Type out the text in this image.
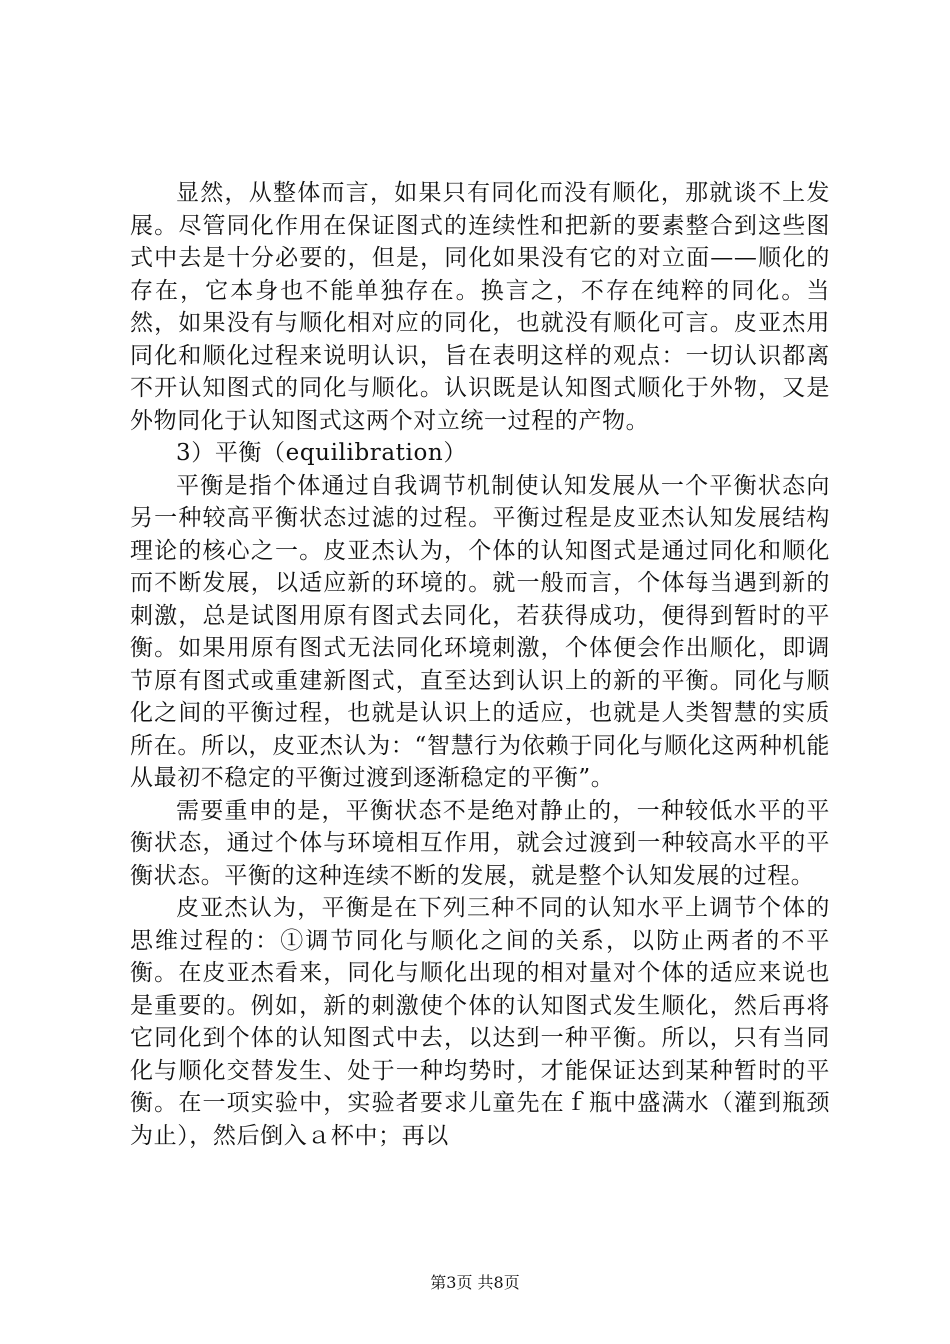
显然，从整体而言，如果只有同化而没有顺化，那就谈不上发展。尽管同化作用在保证图式的连续性和把新的要素整合到这些图式中去是十分必要的，但是，同化如果没有它的对立面——顺化的存在，它本身也不能单独存在。换言之，不存在纯粹的同化。当然，如果没有与顺化相对应的同化，也就没有顺化可言。皮亚杰用同化和顺化过程来说明认识，旨在表明这样的观点：一切认识都离不开认知图式的同化与顺化。认识既是认知图式顺化于外物，又是外物同化于认知图式这两个对立统一过程的产物。

3）平衡（equilibration）

平衡是指个体通过自我调节机制使认知发展从一个平衡状态向另一种较高平衡状态过滤的过程。平衡过程是皮亚杰认知发展结构理论的核心之一。皮亚杰认为，个体的认知图式是通过同化和顺化而不断发展，以适应新的环境的。就一般而言，个体每当遇到新的刺激，总是试图用原有图式去同化，若获得成功，便得到暂时的平衡。如果用原有图式无法同化环境刺激，个体便会作出顺化，即调节原有图式或重建新图式，直至达到认识上的新的平衡。同化与顺化之间的平衡过程，也就是认识上的适应，也就是人类智慧的实质所在。所以，皮亚杰认为：“智慧行为依赖于同化与顺化这两种机能从最初不稳定的平衡过渡到逐渐稳定的平衡”。

需要重申的是，平衡状态不是绝对静止的，一种较低水平的平衡状态，通过个体与环境相互作用，就会过渡到一种较高水平的平衡状态。平衡的这种连续不断的发展，就是整个认知发展的过程。

皮亚杰认为，平衡是在下列三种不同的认知水平上调节个体的思维过程的：①调节同化与顺化之间的关系，以防止两者的不平衡。在皮亚杰看来，同化与顺化出现的相对量对个体的适应来说也是重要的。例如，新的刺激使个体的认知图式发生顺化，然后再将它同化到个体的认知图式中去，以达到一种平衡。所以，只有当同化与顺化交替发生、处于一种均势时，才能保证达到某种暂时的平衡。在一项实验中，实验者要求儿童先在ｆ瓶中盛满水（灌到瓶颈为止），然后倒入ａ杯中；再以

第3页 共8页
